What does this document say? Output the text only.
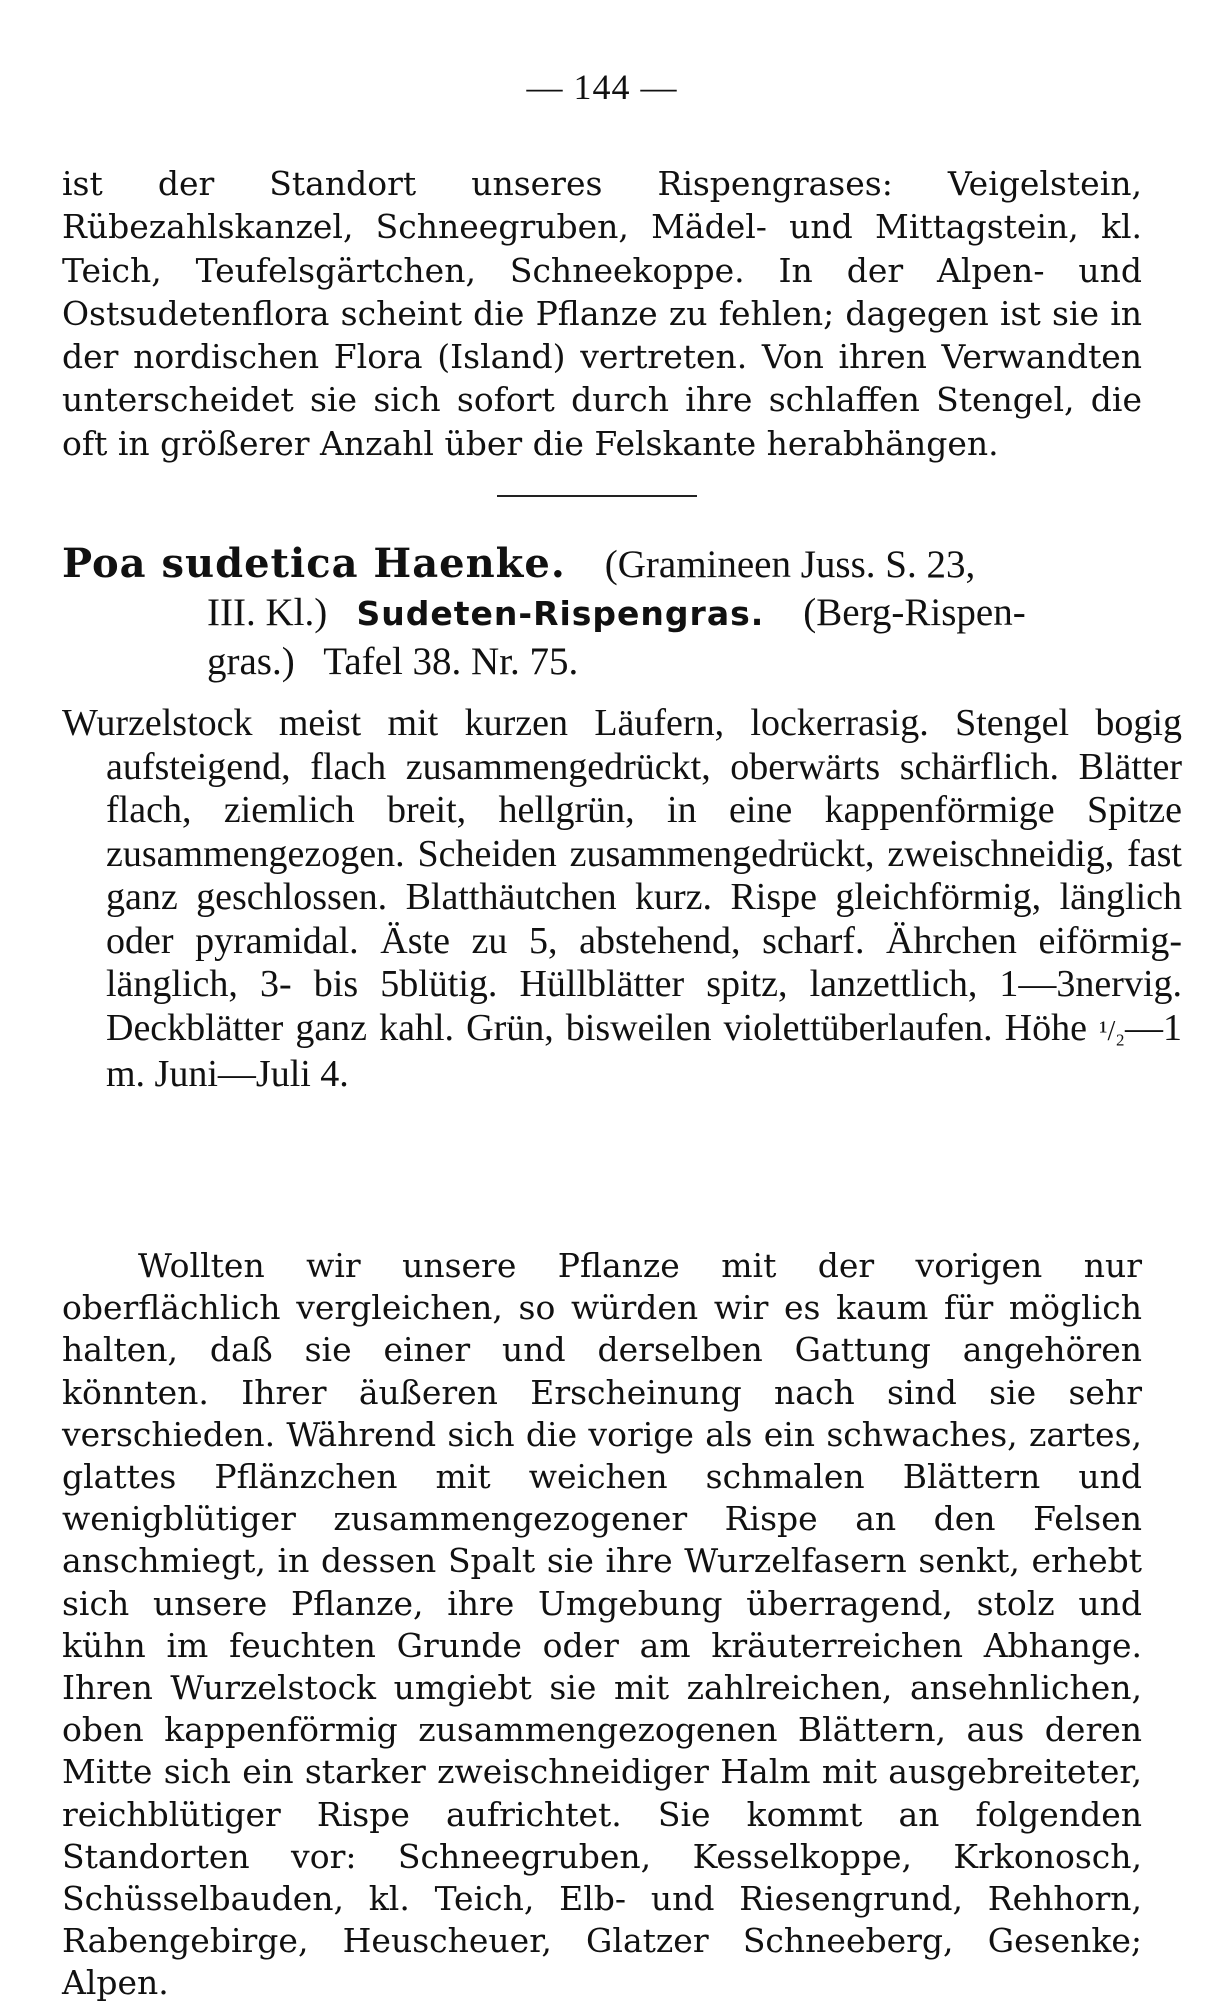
— 144 —

ist der Standort unseres Rispengrases: Veigelstein, Rübezahlskanzel, Schneegruben, Mädel- und Mittagstein, kl. Teich, Teufelsgärtchen, Schneekoppe. In der Alpen- und Ostsudetenflora scheint die Pflanze zu fehlen; dagegen ist sie in der nordischen Flora (Island) vertreten. Von ihren Verwandten unterscheidet sie sich sofort durch ihre schlaffen Stengel, die oft in größerer Anzahl über die Felskante herabhängen.

Poa sudetica Haenke. (Gramineen Juss. S. 23,
III. Kl.) Sudeten-Rispengras. (Berg-Rispen-
gras.) Tafel 38. Nr. 75.

Wurzelstock meist mit kurzen Läufern, lockerrasig. Stengel bogig aufsteigend, flach zusammengedrückt, oberwärts schärflich. Blätter flach, ziemlich breit, hellgrün, in eine kappenförmige Spitze zusammengezogen. Scheiden zusammengedrückt, zweischneidig, fast ganz geschlossen. Blatthäutchen kurz. Rispe gleichförmig, länglich oder pyramidal. Äste zu 5, abstehend, scharf. Ährchen eiförmig-länglich, 3- bis 5blütig. Hüllblätter spitz, lanzettlich, 1—3nervig. Deckblätter ganz kahl. Grün, bisweilen violettüberlaufen. Höhe ¹/₂—1 m. Juni—Juli 4.

Wollten wir unsere Pflanze mit der vorigen nur oberflächlich vergleichen, so würden wir es kaum für möglich halten, daß sie einer und derselben Gattung angehören könnten. Ihrer äußeren Erscheinung nach sind sie sehr verschieden. Während sich die vorige als ein schwaches, zartes, glattes Pflänzchen mit weichen schmalen Blättern und wenigblütiger zusammengezogener Rispe an den Felsen anschmiegt, in dessen Spalt sie ihre Wurzelfasern senkt, erhebt sich unsere Pflanze, ihre Umgebung überragend, stolz und kühn im feuchten Grunde oder am kräuterreichen Abhange. Ihren Wurzelstock umgiebt sie mit zahlreichen, ansehnlichen, oben kappenförmig zusammengezogenen Blättern, aus deren Mitte sich ein starker zweischneidiger Halm mit ausgebreiteter, reichblütiger Rispe aufrichtet. Sie kommt an folgenden Standorten vor: Schneegruben, Kesselkoppe, Krkonosch, Schüsselbauden, kl. Teich, Elb- und Riesengrund, Rehhorn, Rabengebirge, Heuscheuer, Glatzer Schneeberg, Gesenke; Alpen.
